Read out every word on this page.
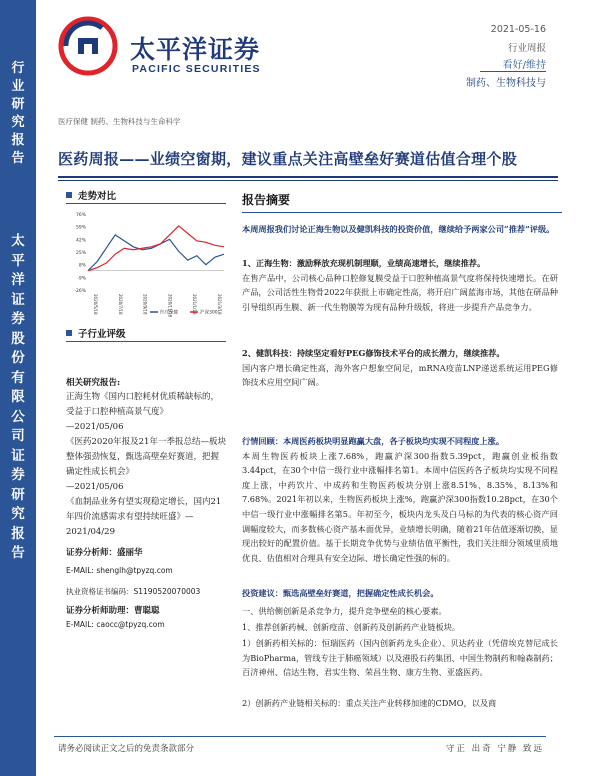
行
业
研
究
报
告
太
平
洋
证
券
股
份
有
限
公
司
证
券
研
究
报
告
太平洋证券
PACIFIC SECURITIES
2021-05-16
行业周报
看好/维持
制药、生物科技与
医疗保健 制药、生物科技与生命科学
医药周报——业绩空窗期，建议重点关注高壁垒好赛道估值合理个股
走势对比
76%
59%
42%
25%
8%
-9%
-26%
2020/5/18	2020/7/18	2020/9/18	2020/11/18	2021/1/18	2021/3/18
医疗保健	沪深300
子行业评级
相关研究报告:

正海生物《国内口腔耗材优质稀缺标的，受益于口腔种植高景气度》

—2021/05/06

《医药2020年报及21年一季报总结—板块整体强劲恢复，甄选高壁垒好赛道，把握确定性成长机会》

—2021/05/06

《血制品业务有望实现稳定增长，国内21年四价流感需求有望持续旺盛》—2021/04/29

证券分析师：盛丽华
E-MAIL: shenglh@tpyzq.com
执业资格证书编码：S1190520070003
证券分析师助理：曹聪聪
E-MAIL: caocc@tpyzq.com
报告摘要
本周周报我们讨论正海生物以及健凯科技的投资价值，继续给予两家公司“推荐”评级。
1、正海生物：激励释放充现机制理顺，业绩高速增长，继续推荐。
在售产品中，公司核心品种口腔修复膜受益于口腔种植高景气度将保持快速增长。在研产品，公司活性生物骨2022年获批上市确定性高，将开启广阔蓝海市场，其他在研品种引导组织再生膜、新一代生物膜等为现有品种升级版，将进一步提升产品竞争力。
2、健凯科技：持续坚定看好PEG修饰技术平台的成长潜力，继续推荐。
国内客户增长确定性高，海外客户想象空间足，mRNA疫苗LNP递送系统运用PEG修饰技术应用空间广阔。
行情回顾：本周医药板块明显跑赢大盘，各子板块均实现不同程度上涨。
本周生物医药板块上涨7.68%，跑赢沪深300指数5.39pct，跑赢创业板指数3.44pct，在30个中信一级行业中涨幅排名第1。本周中信医药各子板块均实现不同程度上涨，中药饮片、中成药和生物医药板块分别上涨8.51%、8.35%、8.13%和7.68%。2021年初以来，生物医药板块上涨%，跑赢沪深300指数10.28pct，在30个中信一级行业中涨幅排名第5。年初至今，板块内龙头及白马标的为代表的核心资产回调幅度较大，而多数核心资产基本面优异，业绩增长明确，随着21年估值逐渐切换，显现出较好的配置价值。基于长期竞争优势与业绩估值平衡性，我们关注细分领域里质地优良、估值相对合理具有安全边际、增长确定性强的标的。
投资建议：甄选高壁垒好赛道，把握确定性成长机会。
一、供给侧创新是杀竞争力，提升竞争壁垒的核心要素。
1、推荐创新药械、创新疫苗、创新药及创新药产业链板块。
1）创新药相关标的：恒瑞医药（国内创新药龙头企业）、贝达药业（凭借埃克替尼成长为BioPharma，管线专注于肺癌领域）以及港股石药集团、中国生物制药和翰森制药；百济神州、信达生物、君实生物、荣昌生物、康方生物、亚盛医药。
2）创新药产业链相关标的：重点关注产业转移加速的CDMO，以及商
请务必阅读正文之后的免责条款部分	守正 出奇 宁静 致远
